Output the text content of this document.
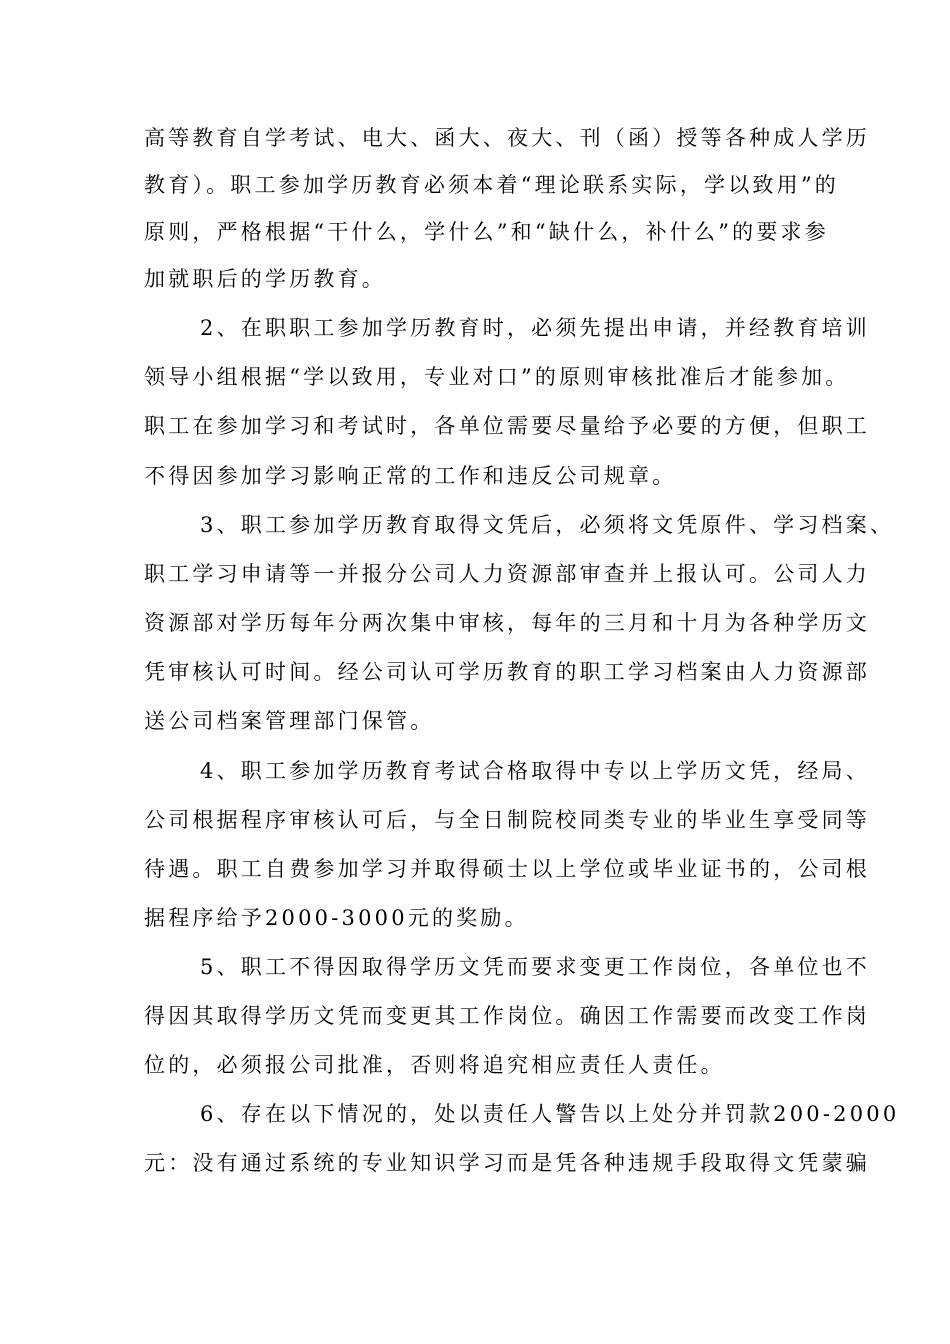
高等教育自学考试、电大、函大、夜大、刊（函）授等各种成人学历
教育）。职工参加学历教育必须本着“理论联系实际，学以致用”的
原则，严格根据“干什么，学什么”和“缺什么，补什么”的要求参
加就职后的学历教育。
2、在职职工参加学历教育时，必须先提出申请，并经教育培训
领导小组根据“学以致用，专业对口”的原则审核批准后才能参加。
职工在参加学习和考试时，各单位需要尽量给予必要的方便，但职工
不得因参加学习影响正常的工作和违反公司规章。
3、职工参加学历教育取得文凭后，必须将文凭原件、学习档案、
职工学习申请等一并报分公司人力资源部审查并上报认可。公司人力
资源部对学历每年分两次集中审核，每年的三月和十月为各种学历文
凭审核认可时间。经公司认可学历教育的职工学习档案由人力资源部
送公司档案管理部门保管。
4、职工参加学历教育考试合格取得中专以上学历文凭，经局、
公司根据程序审核认可后，与全日制院校同类专业的毕业生享受同等
待遇。职工自费参加学习并取得硕士以上学位或毕业证书的，公司根
据程序给予2000-3000元的奖励。
5、职工不得因取得学历文凭而要求变更工作岗位，各单位也不
得因其取得学历文凭而变更其工作岗位。确因工作需要而改变工作岗
位的，必须报公司批准，否则将追究相应责任人责任。
6、存在以下情况的，处以责任人警告以上处分并罚款200-2000
元：没有通过系统的专业知识学习而是凭各种违规手段取得文凭蒙骗
